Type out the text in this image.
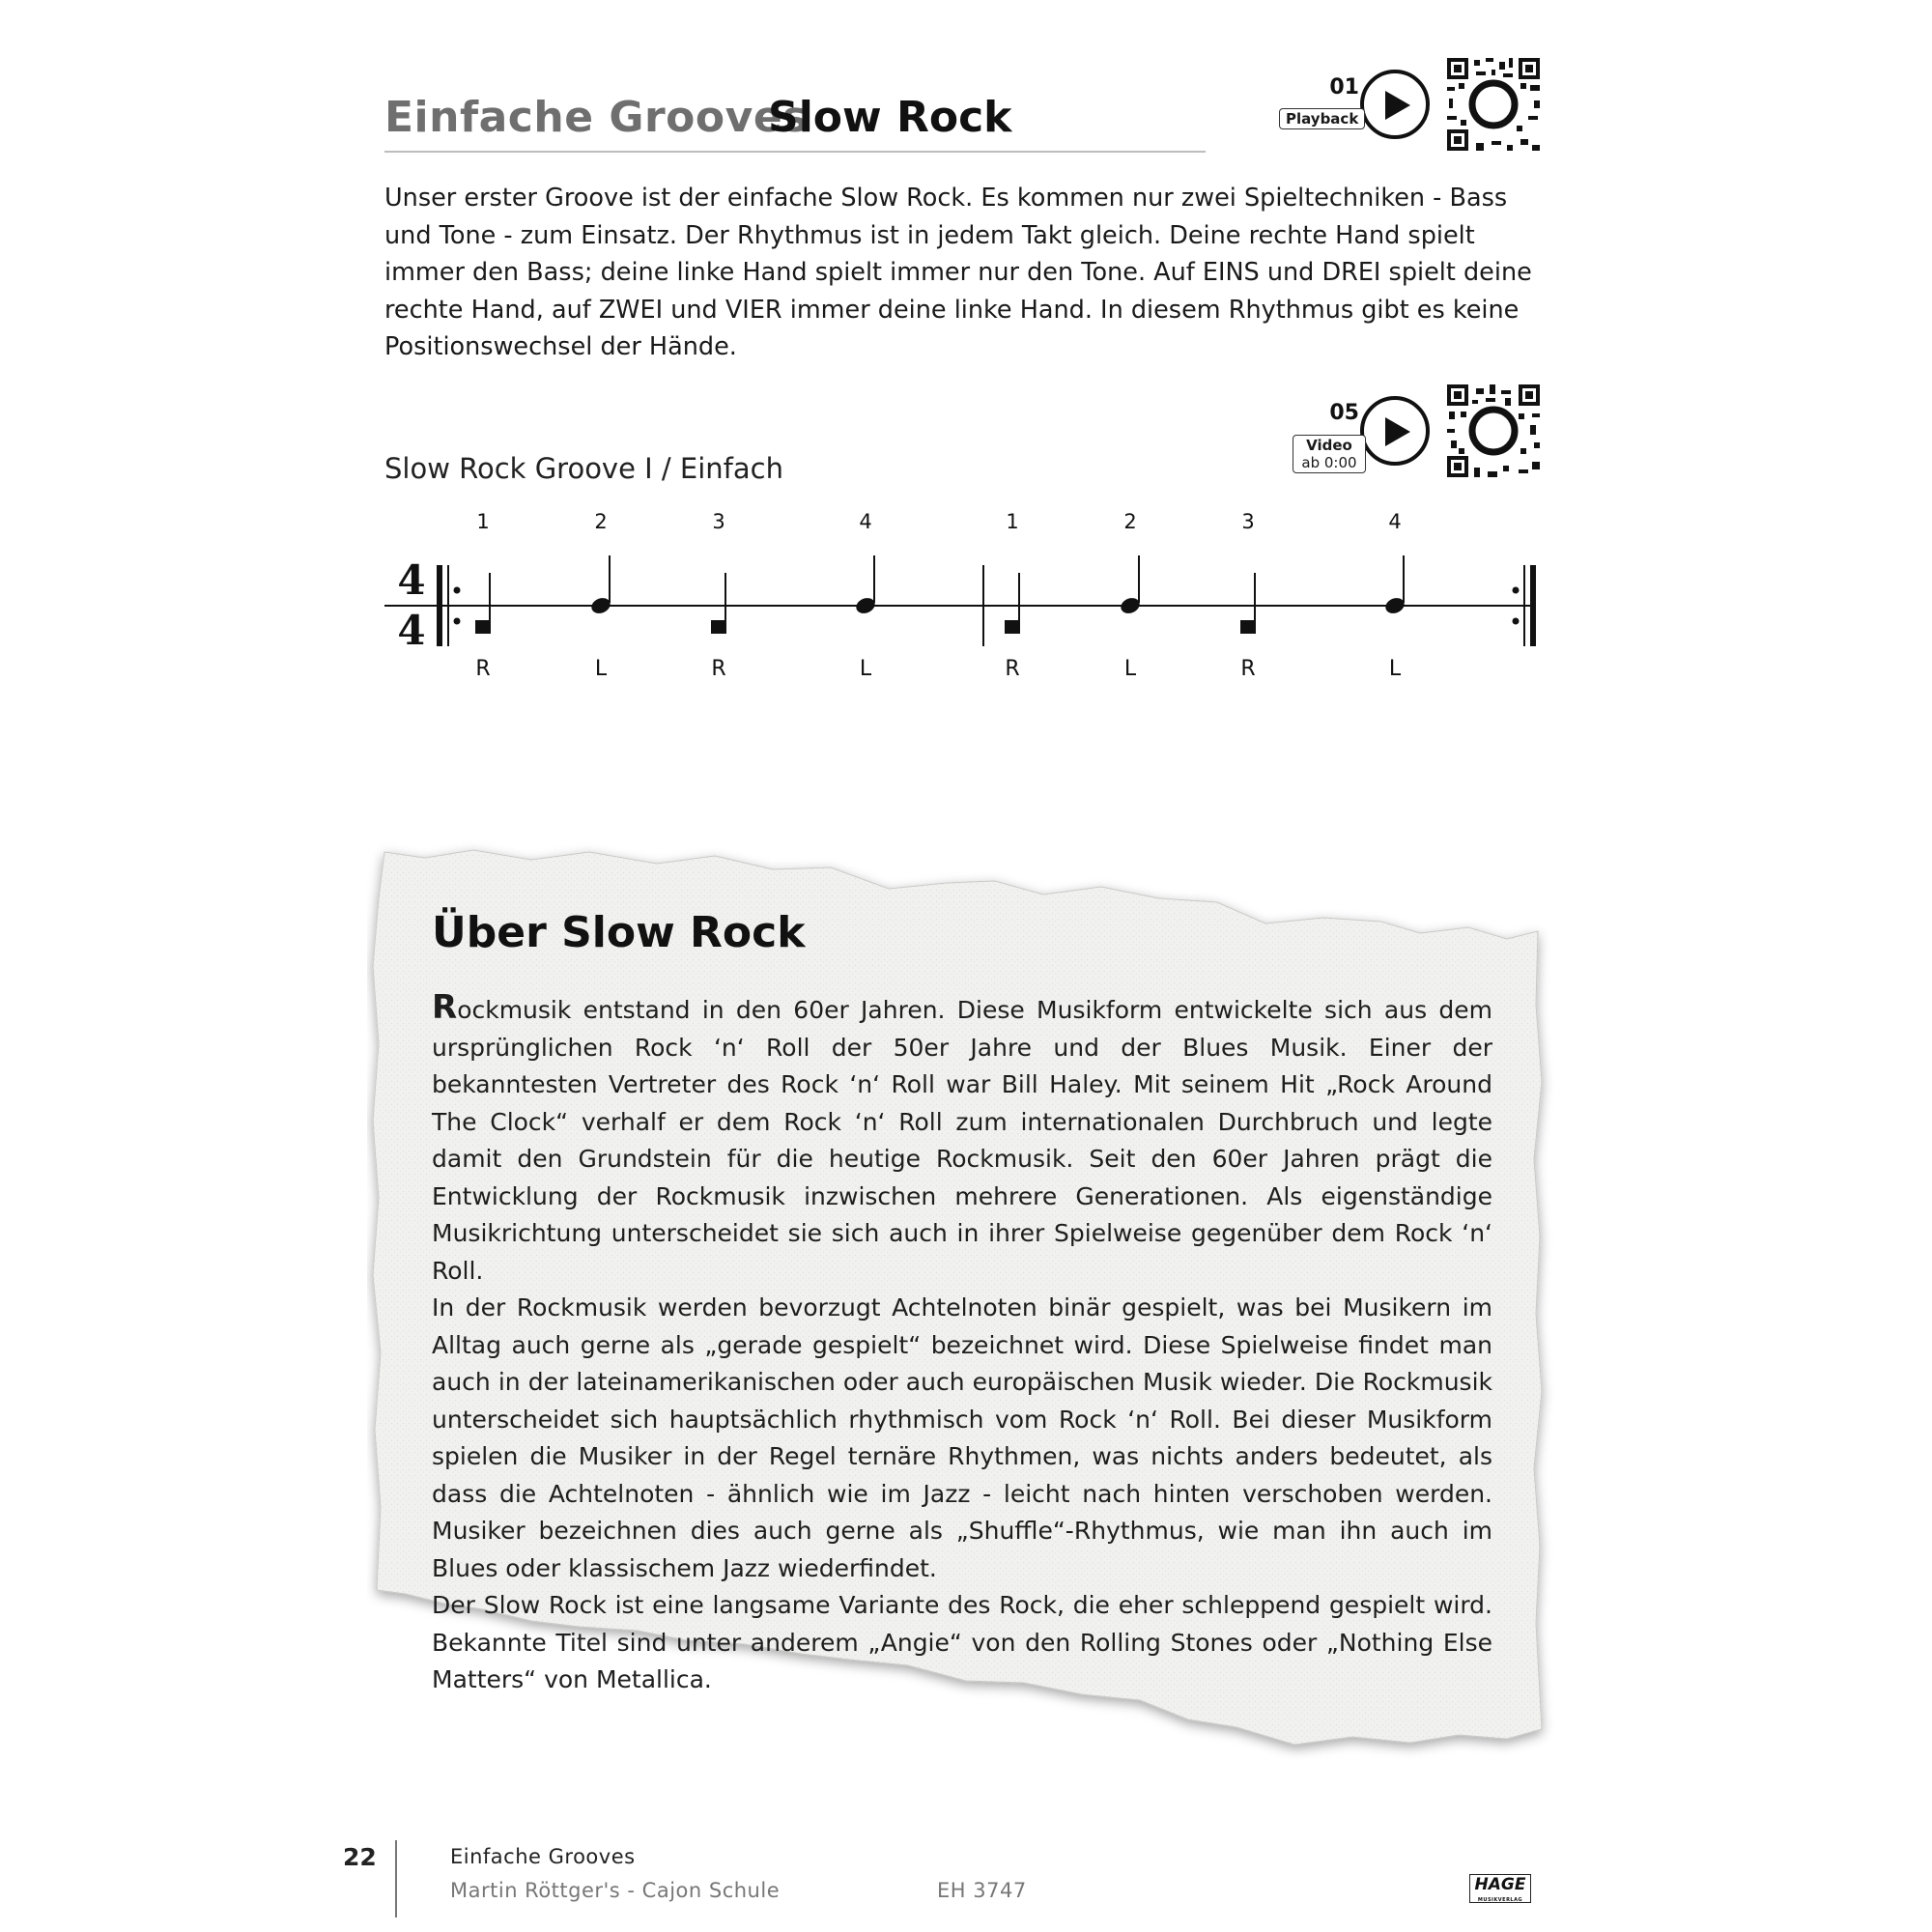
Einfache Grooves
Slow Rock
01
Playback
Unser erster Groove ist der einfache Slow Rock. Es kommen nur zwei Spieltechniken - Bass und Tone - zum Einsatz. Der Rhythmus ist in jedem Takt gleich. Deine rechte Hand spielt immer den Bass; deine linke Hand spielt immer nur den Tone. Auf EINS und DREI spielt deine rechte Hand, auf ZWEI und VIER immer deine linke Hand. In diesem Rhythmus gibt es keine Positionswechsel der Hände.
05
Video
ab 0:00
Slow Rock Groove I / Einfach
1	2	3	4	1	2	3	4
4
4
R	L	R	L	R	L	R	L
Über Slow Rock

Rockmusik entstand in den 60er Jahren. Diese Musikform entwickelte sich aus dem ursprünglichen Rock ‘n‘ Roll der 50er Jahre und der Blues Musik. Einer der bekanntesten Vertreter des Rock ‘n‘ Roll war Bill Haley. Mit seinem Hit „Rock Around The Clock“ verhalf er dem Rock ‘n‘ Roll zum internationalen Durchbruch und legte damit den Grundstein für die heutige Rockmusik. Seit den 60er Jahren prägt die Entwicklung der Rockmusik inzwischen mehrere Generationen. Als eigenständige Musikrichtung unterscheidet sie sich auch in ihrer Spielweise gegenüber dem Rock ‘n‘ Roll.

In der Rockmusik werden bevorzugt Achtelnoten binär gespielt, was bei Musikern im Alltag auch gerne als „gerade gespielt“ bezeichnet wird. Diese Spielweise findet man auch in der lateinamerikanischen oder auch europäischen Musik wieder. Die Rockmusik unterscheidet sich hauptsächlich rhythmisch vom Rock ‘n‘ Roll. Bei dieser Musikform spielen die Musiker in der Regel ternäre Rhythmen, was nichts anders bedeutet, als dass die Achtelnoten - ähnlich wie im Jazz - leicht nach hinten verschoben werden. Musiker bezeichnen dies auch gerne als „Shuffle“-Rhythmus, wie man ihn auch im Blues oder klassischem Jazz wiederfindet.

Der Slow Rock ist eine langsame Variante des Rock, die eher schleppend gespielt wird. Bekannte Titel sind unter anderem „Angie“ von den Rolling Stones oder „Nothing Else Matters“ von Metallica.

22	Einfache Grooves
Martin Röttger's - Cajon Schule	EH 3747	HAGE
MUSIKVERLAG
